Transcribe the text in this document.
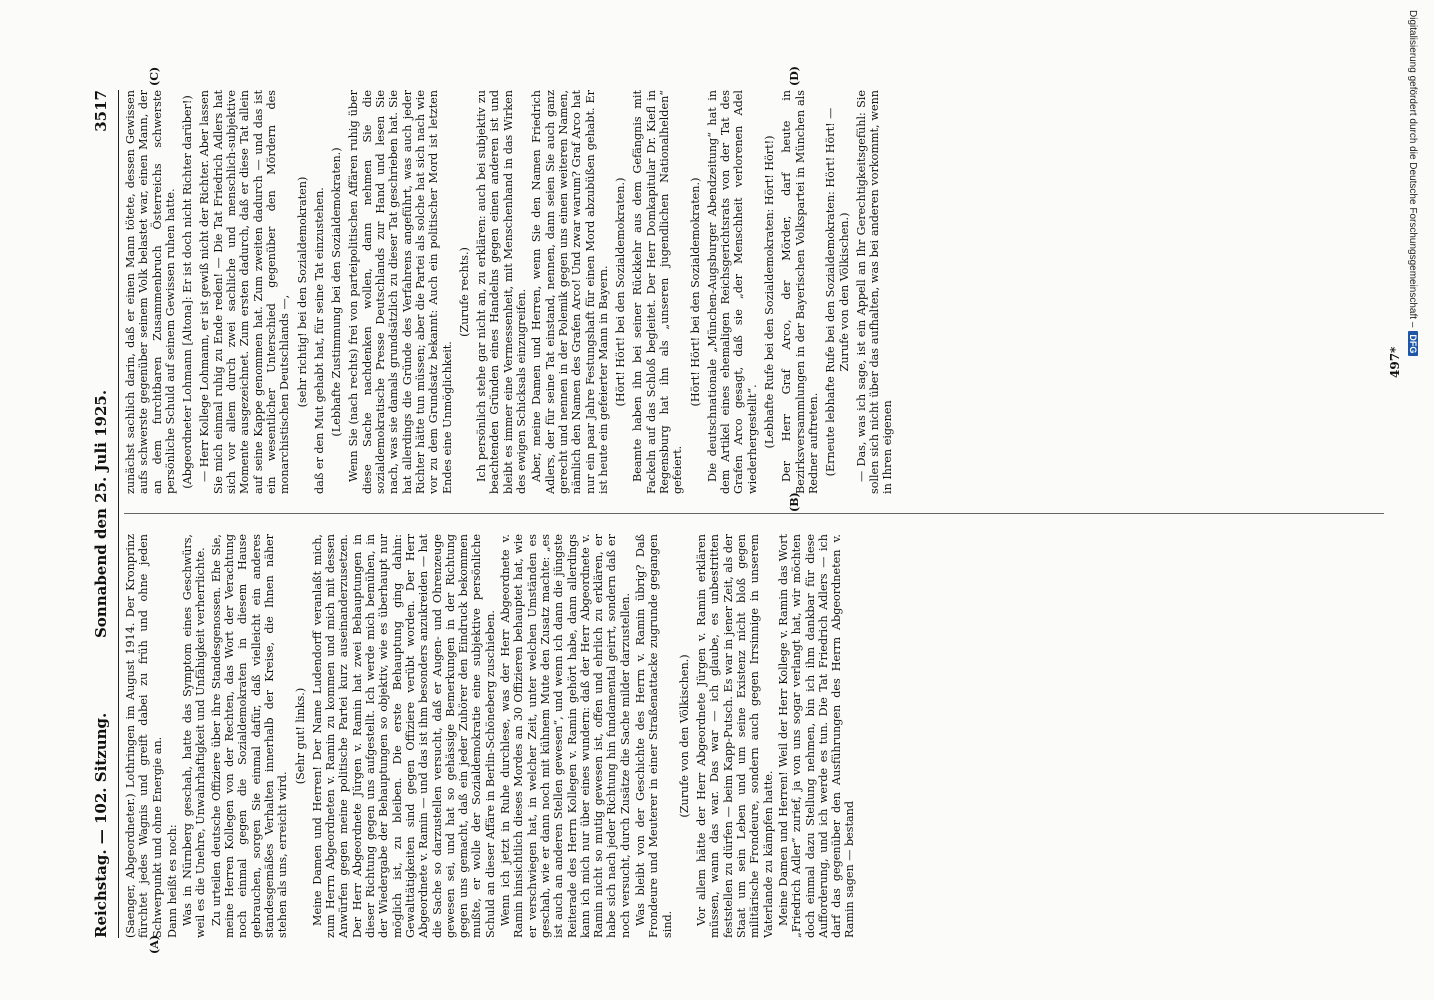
Reichstag. — 102. Sitzung.
Sonnabend den 25. Juli 1925.
3517

(Saenger, Abgeordneter.) Lothringen im August 1914. Der Kronprinz fürchtet jedes Wagnis und greift dabei zu früh und ohne jeden Schwerpunkt und ohne Energie an. Dann heißt es noch: Was in Nürnberg geschah, hatte das Symptom eines Geschwürs, weil es die Unehre, Unwahrhaftigkeit und Unfähigkeit verherrlichte. Zu urteilen deutsche Offiziere über ihre Standesgenossen. Ehe Sie, meine Herren Kollegen von der Rechten, das Wort der Verachtung noch einmal gegen die Sozialdemokraten in diesem Hause gebrauchen, sorgen Sie einmal dafür, daß vielleicht ein anderes standesgemäßes Verhalten innerhalb der Kreise, die Ihnen näher stehen als uns, erreicht wird.

(Sehr gut! links.) Meine Damen und Herren! Der Name Ludendorff veranlaßt mich, zum Herrn Abgeordneten v. Ramin zu kommen und mich mit dessen Anwürfen gegen meine politische Partei kurz auseinanderzusetzen. Der Herr Abgeordnete Jürgen v. Ramin hat zwei Behauptungen in dieser Richtung gegen uns aufgestellt. Ich werde mich bemühen, in der Wiedergabe der Behauptungen so objektiv, wie es überhaupt nur möglich ist, zu bleiben. Die erste Behauptung ging dahin: Gewalttätigkeiten sind gegen Offiziere verübt worden. Der Herr Abgeordnete v. Ramin — und das ist ihm besonders anzukreiden — hat die Sache so darzustellen versucht, daß er Augen- und Ohrenzeuge gewesen sei, und hat so gehässige Bemerkungen in der Richtung gegen uns gemacht, daß ein jeder Zuhörer den Eindruck bekommen mußte, er wolle der Sozialdemokratie eine subjektive persönliche Schuld an dieser Affäre in Berlin-Schöneberg zuschieben. Wenn ich jetzt in Ruhe durchlese, was der Herr Abgeordnete v. Ramin hinsichtlich dieses Mordes an 30 Offizieren behauptet hat, wie er verschwiegen hat, in welcher Zeit, unter welchen Umständen es geschah, wie er dann noch mit kühnem Mute den Zusatz machte: „es ist auch an anderen Stellen gewesen“, und wenn ich dann die jüngste Reiterade des Herrn Kollegen v. Ramin gehört habe, dann allerdings kann ich mich nur über eines wundern: daß der Herr Abgeordnete v. Ramin nicht so mutig gewesen ist, offen und ehrlich zu erklären, er habe sich nach jeder Richtung hin fundamental geirrt, sondern daß er noch versucht, durch Zusätze die Sache milder darzustellen. Was bleibt von der Geschichte des Herrn v. Ramin übrig? Daß Frondeure und Meuterer in einer Straßenattacke zugrunde gegangen sind.

(Zurufe von den Völkischen.) Vor allem hätte der Herr Abgeordnete Jürgen v. Ramin erklären müssen, wann das war. Das war — ich glaube, es unbestritten feststellen zu dürfen — beim Kapp-Putsch. Es war in jener Zeit, als der Staat um sein Leben und um seine Existenz nicht bloß gegen militärische Frondeure, sondern auch gegen Irrsinnige in unserem Vaterlande zu kämpfen hatte. Meine Damen und Herren! Weil der Herr Kollege v. Ramin das Wort „Friedrich Adler“ zurief, ja von uns sogar verlangt hat, wir möchten doch einmal dazu Stellung nehmen, bin ich ihm dankbar für diese Aufforderung, und ich werde es tun. Die Tat Friedrich Adlers — ich darf das gegenüber den Ausführungen des Herrn Abgeordneten v. Ramin sagen — bestand

zunächst sachlich darin, daß er einen Mann tötete, dessen Gewissen aufs schwerste gegenüber seinem Volk belastet war, einen Mann, der an dem furchtbaren Zusammenbruch Österreichs schwerste persönliche Schuld auf seinem Gewissen ruhen hatte. (Abgeordneter Lohmann [Altona]: Er ist doch nicht Richter darüber!) — Herr Kollege Lohmann, er ist gewiß nicht der Richter. Aber lassen Sie mich einmal ruhig zu Ende reden! — Die Tat Friedrich Adlers hat sich vor allem durch zwei sachliche und menschlich-subjektive Momente ausgezeichnet. Zum ersten dadurch, daß er diese Tat allein auf seine Kappe genommen hat. Zum zweiten dadurch — und das ist ein wesentlicher Unterschied gegenüber den Mördern des monarchistischen Deutschlands —, (sehr richtig! bei den Sozialdemokraten) daß er den Mut gehabt hat, für seine Tat einzustehen. (Lebhafte Zustimmung bei den Sozialdemokraten.) Wenn Sie (nach rechts) frei von parteipolitischen Affären ruhig über diese Sache nachdenken wollen, dann nehmen Sie die sozialdemokratische Presse Deutschlands zur Hand und lesen Sie nach, was sie damals grundsätzlich zu dieser Tat geschrieben hat. Sie hat allerdings die Gründe des Verfahrens angeführt, was auch jeder Richter hätte tun müssen; aber die Partei als solche hat sich nach wie vor zu dem Grundsatz bekannt: Auch ein politischer Mord ist letzten Endes eine Unmöglichkeit.

(Zurufe rechts.) Ich persönlich stehe gar nicht an, zu erklären: auch bei subjektiv zu beachtenden Gründen eines Handelns gegen einen anderen ist und bleibt es immer eine Vermessenheit, mit Menschenhand in das Wirken des ewigen Schicksals einzugreifen. Aber, meine Damen und Herren, wenn Sie den Namen Friedrich Adlers, der für seine Tat einstand, nennen, dann seien Sie auch ganz gerecht und nennen in der Polemik gegen uns einen weiteren Namen, nämlich den Namen des Grafen Arco! Und zwar warum? Graf Arco hat nur ein paar Jahre Festungshaft für einen Mord abzubüßen gehabt. Er ist heute ein gefeierter Mann in Bayern. (Hört! Hört! bei den Sozialdemokraten.) Beamte haben ihn bei seiner Rückkehr aus dem Gefängnis mit Fackeln auf das Schloß begleitet. Der Herr Domkapitular Dr. Kiefl in Regensburg hat ihn als „unseren jugendlichen Nationalhelden“ gefeiert.

(Hört! Hört! bei den Sozialdemokraten.) Die deutschnationale „München-Augsburger Abendzeitung“ hat in dem Artikel eines ehemaligen Reichsgerichtsrats von der Tat des Grafen Arco gesagt, daß sie „der Menschheit verlorenen Adel wiederhergestellt“. (Lebhafte Rufe bei den Sozialdemokraten: Hört! Hört!) Der Herr Graf Arco, der Mörder, darf heute in Bezirksversammlungen in der Bayerischen Volkspartei in München als Redner auftreten. (Erneute lebhafte Rufe bei den Sozialdemokraten: Hört! Hört! — Zurufe von den Völkischen.) — Das, was ich sage, ist ein Appell an Ihr Gerechtigkeitsgefühl: Sie sollen sich nicht über das aufhalten, was bei anderen vorkommt, wenn in Ihren eigenen

(A)
(B)
(C)	(D)
497*
Digitalisierung gefördert durch die Deutsche Forschungsgemeinschaft –DFG
